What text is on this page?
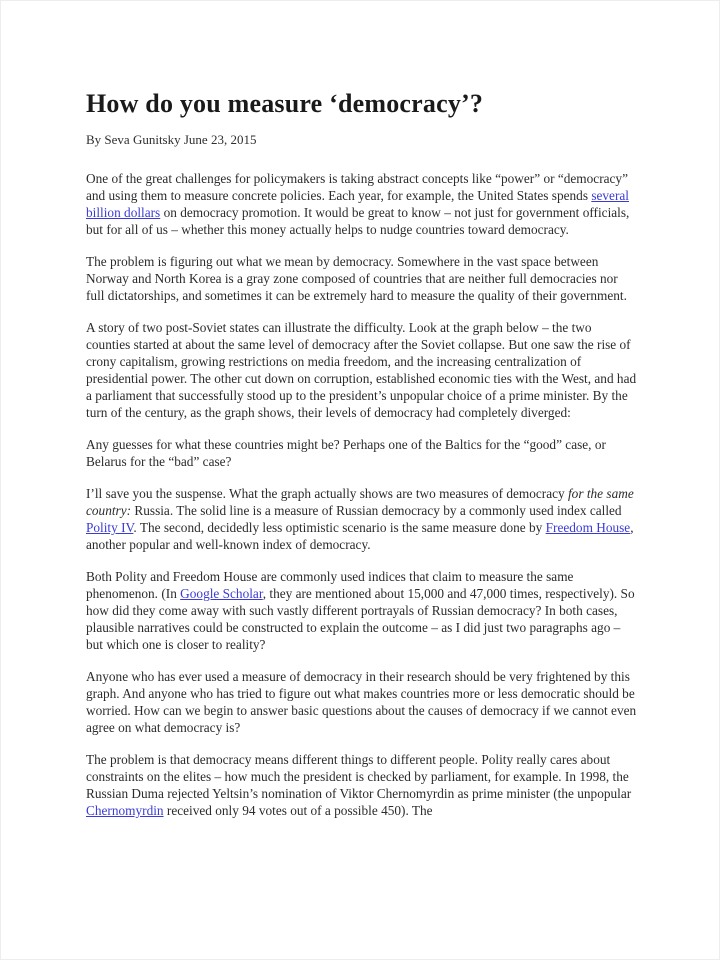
How do you measure ‘democracy’?
By Seva Gunitsky June 23, 2015

One of the great challenges for policymakers is taking abstract concepts like “power” or “democracy” and using them to measure concrete policies. Each year, for example, the United States spends several billion dollars on democracy promotion. It would be great to know – not just for government officials, but for all of us – whether this money actually helps to nudge countries toward democracy.

The problem is figuring out what we mean by democracy. Somewhere in the vast space between Norway and North Korea is a gray zone composed of countries that are neither full democracies nor full dictatorships, and sometimes it can be extremely hard to measure the quality of their government.

A story of two post-Soviet states can illustrate the difficulty. Look at the graph below – the two counties started at about the same level of democracy after the Soviet collapse. But one saw the rise of crony capitalism, growing restrictions on media freedom, and the increasing centralization of presidential power. The other cut down on corruption, established economic ties with the West, and had a parliament that successfully stood up to the president’s unpopular choice of a prime minister. By the turn of the century, as the graph shows, their levels of democracy had completely diverged:

Any guesses for what these countries might be? Perhaps one of the Baltics for the “good” case, or Belarus for the “bad” case?

I’ll save you the suspense. What the graph actually shows are two measures of democracy for the same country: Russia. The solid line is a measure of Russian democracy by a commonly used index called Polity IV. The second, decidedly less optimistic scenario is the same measure done by Freedom House, another popular and well-known index of democracy.

Both Polity and Freedom House are commonly used indices that claim to measure the same phenomenon. (In Google Scholar, they are mentioned about 15,000 and 47,000 times, respectively). So how did they come away with such vastly different portrayals of Russian democracy? In both cases, plausible narratives could be constructed to explain the outcome – as I did just two paragraphs ago – but which one is closer to reality?

Anyone who has ever used a measure of democracy in their research should be very frightened by this graph. And anyone who has tried to figure out what makes countries more or less democratic should be worried. How can we begin to answer basic questions about the causes of democracy if we cannot even agree on what democracy is?

The problem is that democracy means different things to different people. Polity really cares about constraints on the elites – how much the president is checked by parliament, for example. In 1998, the Russian Duma rejected Yeltsin’s nomination of Viktor Chernomyrdin as prime minister (the unpopular Chernomyrdin received only 94 votes out of a possible 450). The
